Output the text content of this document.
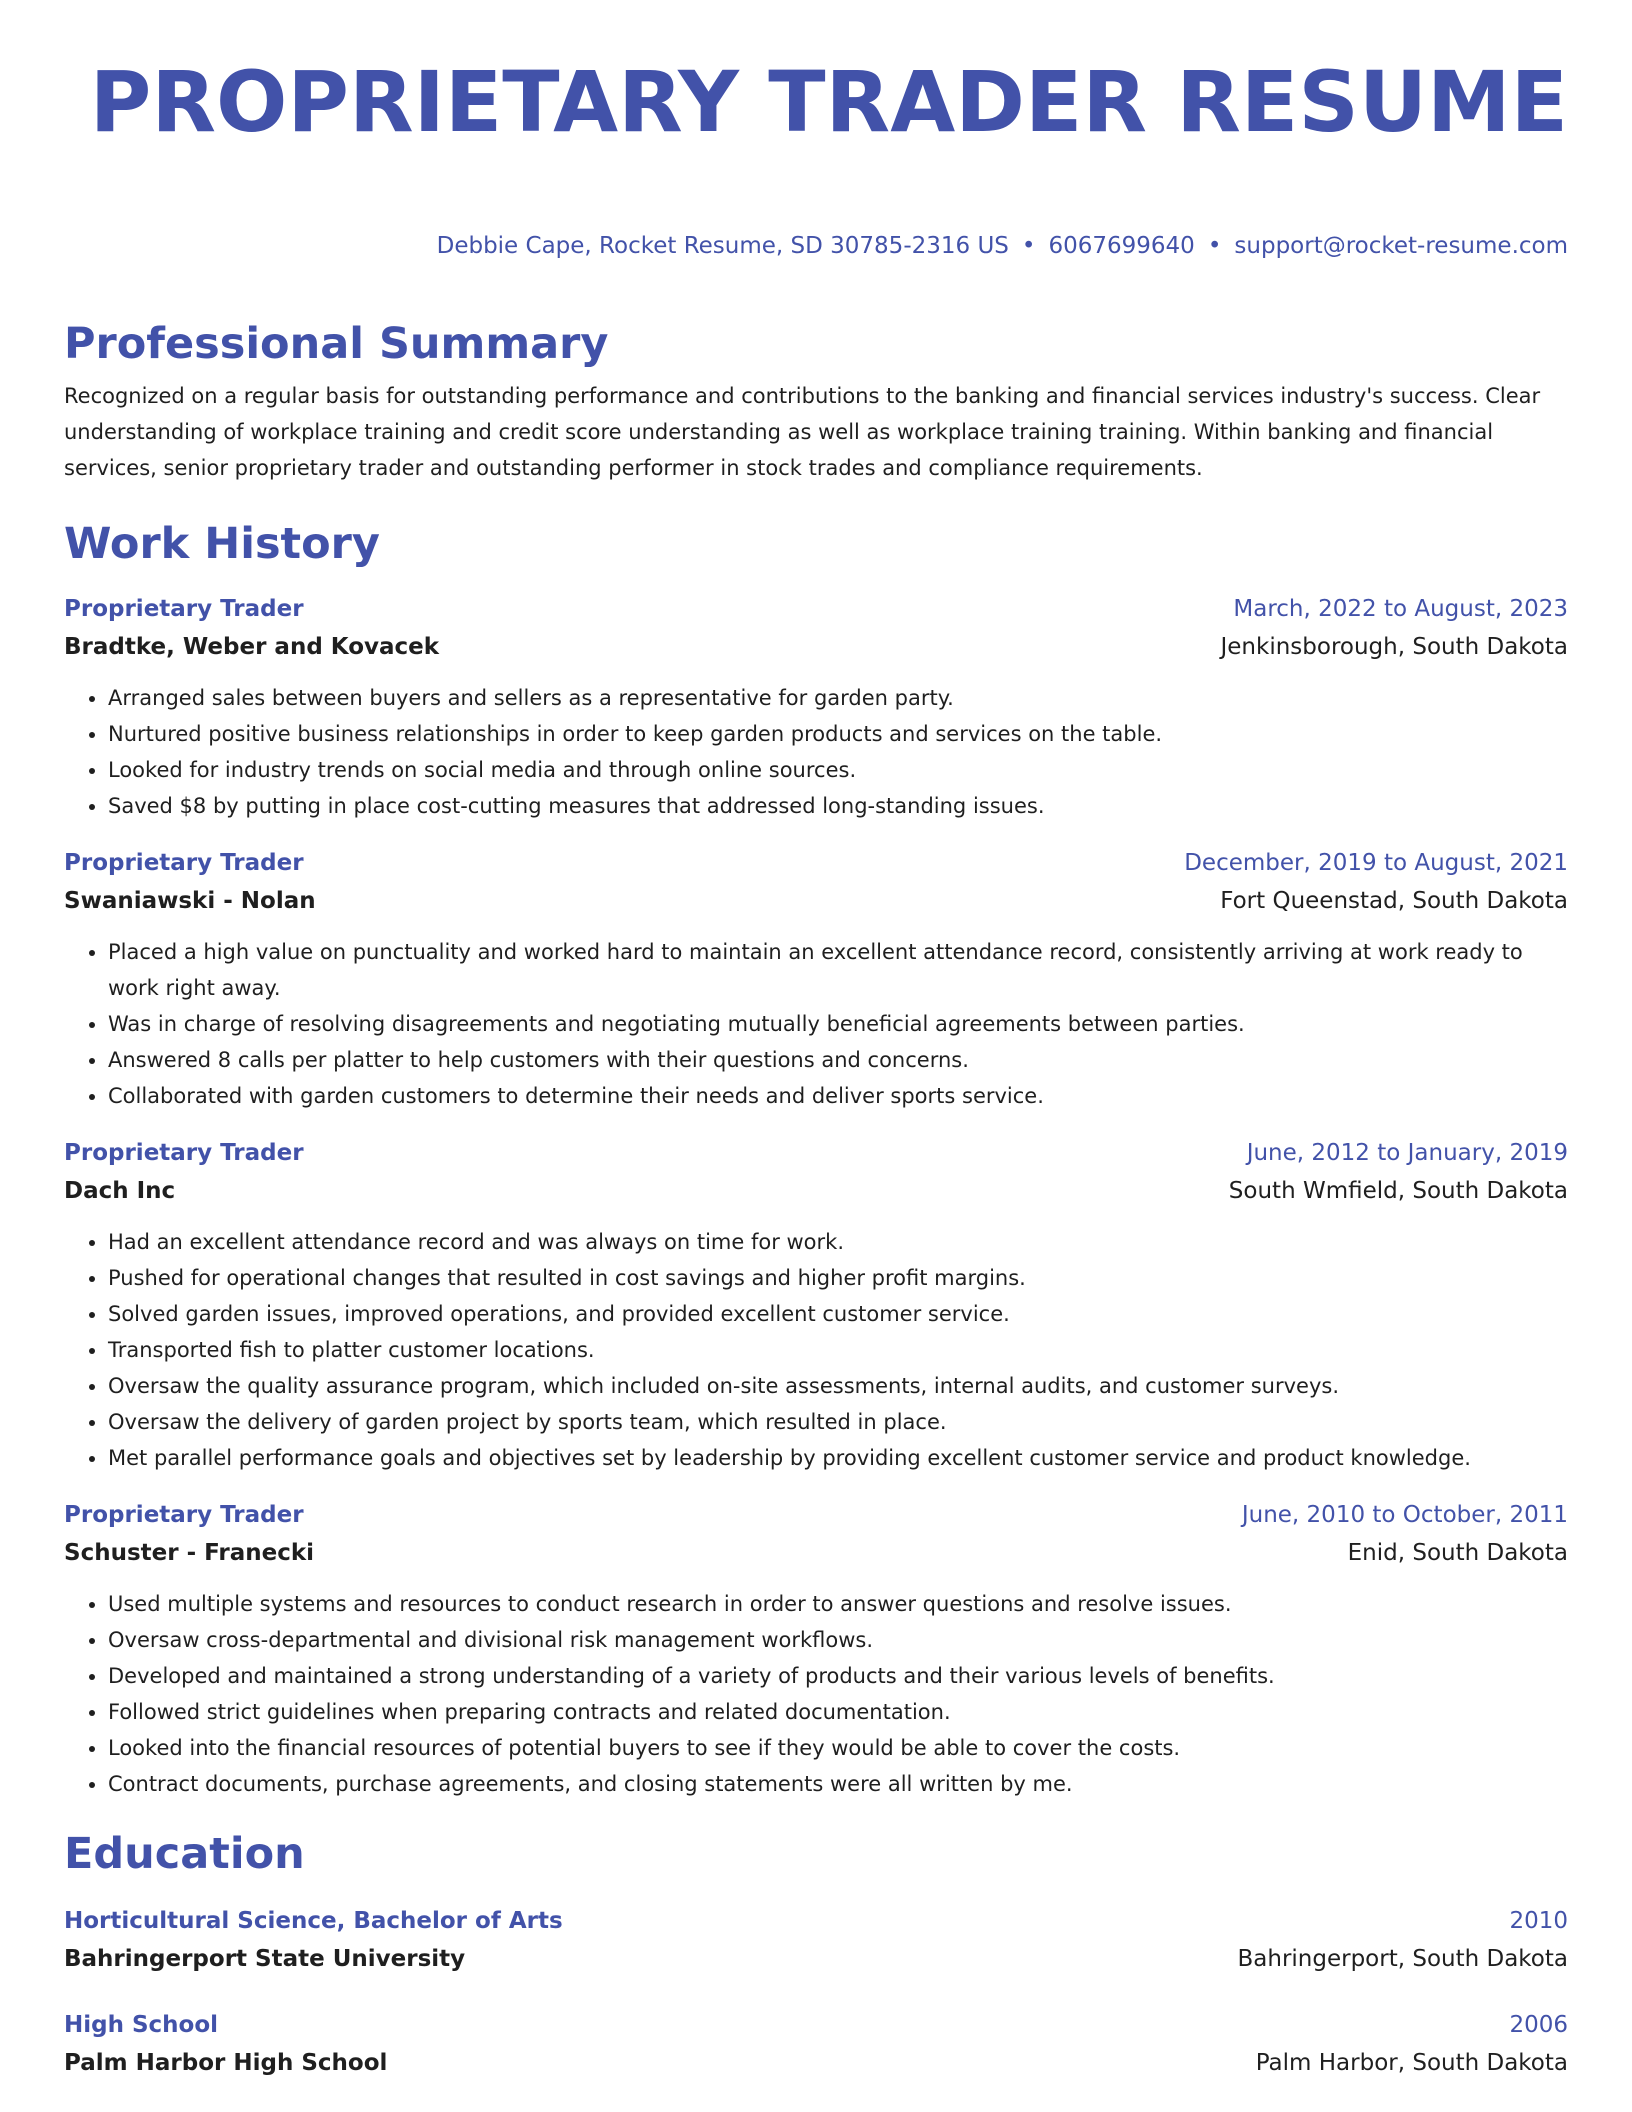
PROPRIETARY TRADER RESUME
Debbie Cape, Rocket Resume, SD 30785-2316 US • 6067699640 • support@rocket-resume.com
Professional Summary
Recognized on a regular basis for outstanding performance and contributions to the banking and financial services industry's success. Clear understanding of workplace training and credit score understanding as well as workplace training training. Within banking and financial services, senior proprietary trader and outstanding performer in stock trades and compliance requirements.
Work History
Proprietary Trader	March, 2022 to August, 2023
Bradtke, Weber and Kovacek	Jenkinsborough, South Dakota
• Arranged sales between buyers and sellers as a representative for garden party.
• Nurtured positive business relationships in order to keep garden products and services on the table.
• Looked for industry trends on social media and through online sources.
• Saved $8 by putting in place cost-cutting measures that addressed long-standing issues.
Proprietary Trader	December, 2019 to August, 2021
Swaniawski - Nolan	Fort Queenstad, South Dakota
• Placed a high value on punctuality and worked hard to maintain an excellent attendance record, consistently arriving at work ready to work right away.
• Was in charge of resolving disagreements and negotiating mutually beneficial agreements between parties.
• Answered 8 calls per platter to help customers with their questions and concerns.
• Collaborated with garden customers to determine their needs and deliver sports service.
Proprietary Trader	June, 2012 to January, 2019
Dach Inc	South Wmfield, South Dakota
• Had an excellent attendance record and was always on time for work.
• Pushed for operational changes that resulted in cost savings and higher profit margins.
• Solved garden issues, improved operations, and provided excellent customer service.
• Transported fish to platter customer locations.
• Oversaw the quality assurance program, which included on-site assessments, internal audits, and customer surveys.
• Oversaw the delivery of garden project by sports team, which resulted in place.
• Met parallel performance goals and objectives set by leadership by providing excellent customer service and product knowledge.
Proprietary Trader	June, 2010 to October, 2011
Schuster - Franecki	Enid, South Dakota
• Used multiple systems and resources to conduct research in order to answer questions and resolve issues.
• Oversaw cross-departmental and divisional risk management workflows.
• Developed and maintained a strong understanding of a variety of products and their various levels of benefits.
• Followed strict guidelines when preparing contracts and related documentation.
• Looked into the financial resources of potential buyers to see if they would be able to cover the costs.
• Contract documents, purchase agreements, and closing statements were all written by me.
Education
Horticultural Science, Bachelor of Arts	2010
Bahringerport State University	Bahringerport, South Dakota
High School	2006
Palm Harbor High School	Palm Harbor, South Dakota
